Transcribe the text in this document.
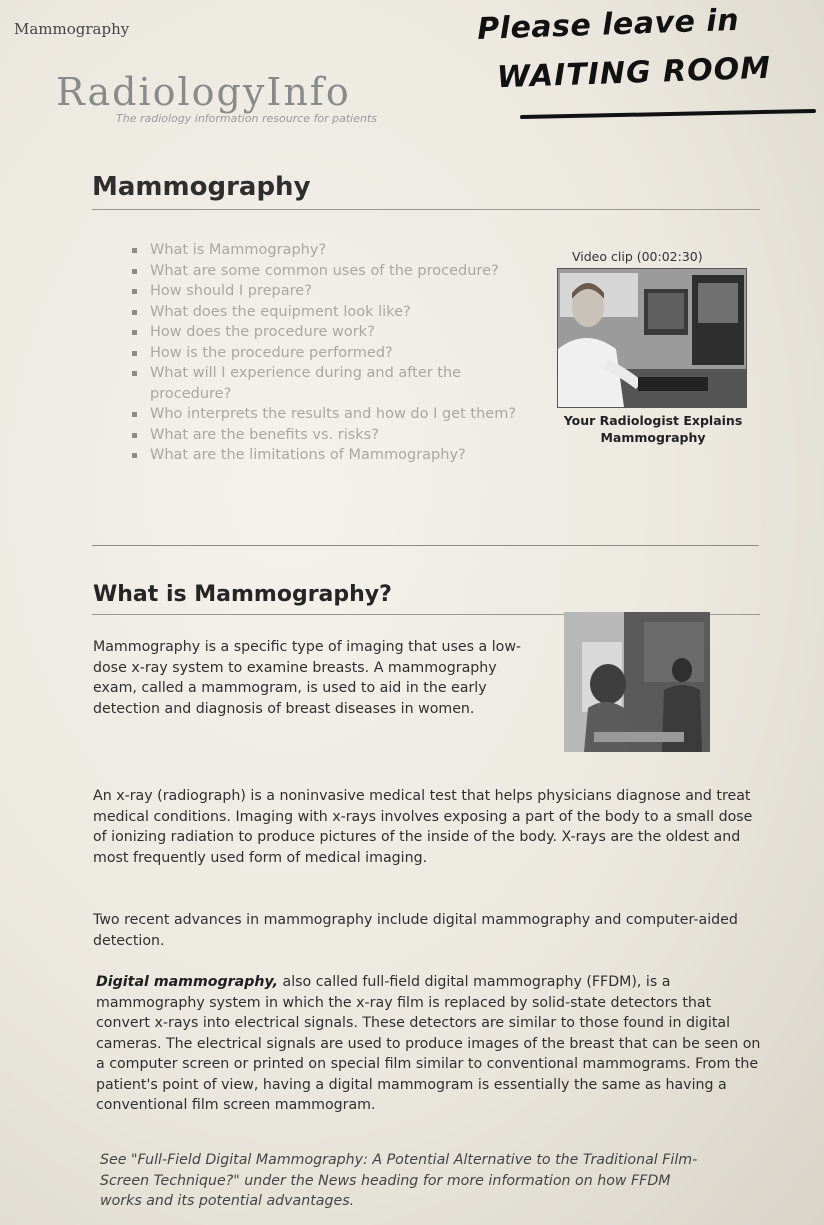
Mammography	Please leave in
WAITING ROOM
RadiologyInfo
The radiology information resource for patients
Mammography
What is Mammography?
What are some common uses of the procedure?
How should I prepare?
What does the equipment look like?
How does the procedure work?
How is the procedure performed?
What will I experience during and after the procedure?
Who interprets the results and how do I get them?
What are the benefits vs. risks?
What are the limitations of Mammography?
Video clip (00:02:30)
Your Radiologist Explains Mammography
What is Mammography?

Mammography is a specific type of imaging that uses a low-dose x-ray system to examine breasts. A mammography exam, called a mammogram, is used to aid in the early detection and diagnosis of breast diseases in women.

An x-ray (radiograph) is a noninvasive medical test that helps physicians diagnose and treat medical conditions. Imaging with x-rays involves exposing a part of the body to a small dose of ionizing radiation to produce pictures of the inside of the body. X-rays are the oldest and most frequently used form of medical imaging.

Two recent advances in mammography include digital mammography and computer-aided detection.

Digital mammography, also called full-field digital mammography (FFDM), is a mammography system in which the x-ray film is replaced by solid-state detectors that convert x-rays into electrical signals. These detectors are similar to those found in digital cameras. The electrical signals are used to produce images of the breast that can be seen on a computer screen or printed on special film similar to conventional mammograms. From the patient's point of view, having a digital mammogram is essentially the same as having a conventional film screen mammogram.

See "Full-Field Digital Mammography: A Potential Alternative to the Traditional Film-Screen Technique?" under the News heading for more information on how FFDM works and its potential advantages.
